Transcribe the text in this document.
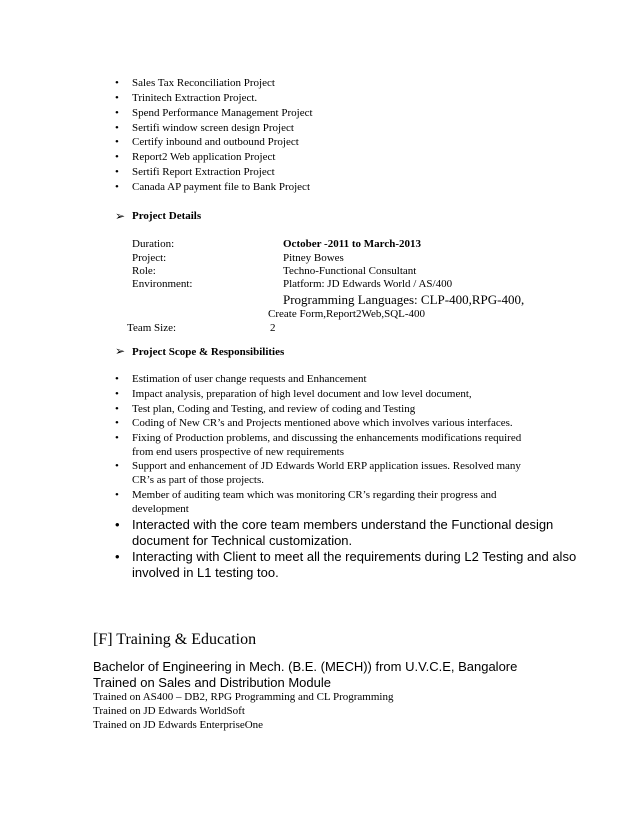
• Sales Tax Reconciliation Project
• Trinitech Extraction Project.
• Spend Performance Management Project
• Sertifi window screen design Project
• Certify inbound and outbound Project
• Report2 Web application Project
• Sertifi Report Extraction Project
• Canada AP payment file to Bank Project
➢ Project Details
Duration:	October -2011 to March-2013
Project:	Pitney Bowes
Role:	Techno-Functional Consultant
Environment:	Platform: JD Edwards World / AS/400
Programming Languages: CLP-400,RPG-400,
Create Form,Report2Web,SQL-400
Team Size:	2
➢ Project Scope & Responsibilities
• Estimation of user change requests and Enhancement
• Impact analysis, preparation of high level document and low level document,
• Test plan, Coding and Testing, and review of coding and Testing
• Coding of New CR’s and Projects mentioned above which involves various interfaces.
• Fixing of Production problems, and discussing the enhancements modifications required
from end users prospective of new requirements
• Support and enhancement of JD Edwards World ERP application issues. Resolved many
CR’s as part of those projects.
• Member of auditing team which was monitoring CR’s regarding their progress and
development
• Interacted with the core team members understand the Functional design
document for Technical customization.
• Interacting with Client to meet all the requirements during L2 Testing and also
involved in L1 testing too.
[F] Training & Education
Bachelor of Engineering in Mech. (B.E. (MECH)) from U.V.C.E, Bangalore
Trained on Sales and Distribution Module
Trained on AS400 – DB2, RPG Programming and CL Programming
Trained on JD Edwards WorldSoft
Trained on JD Edwards EnterpriseOne
